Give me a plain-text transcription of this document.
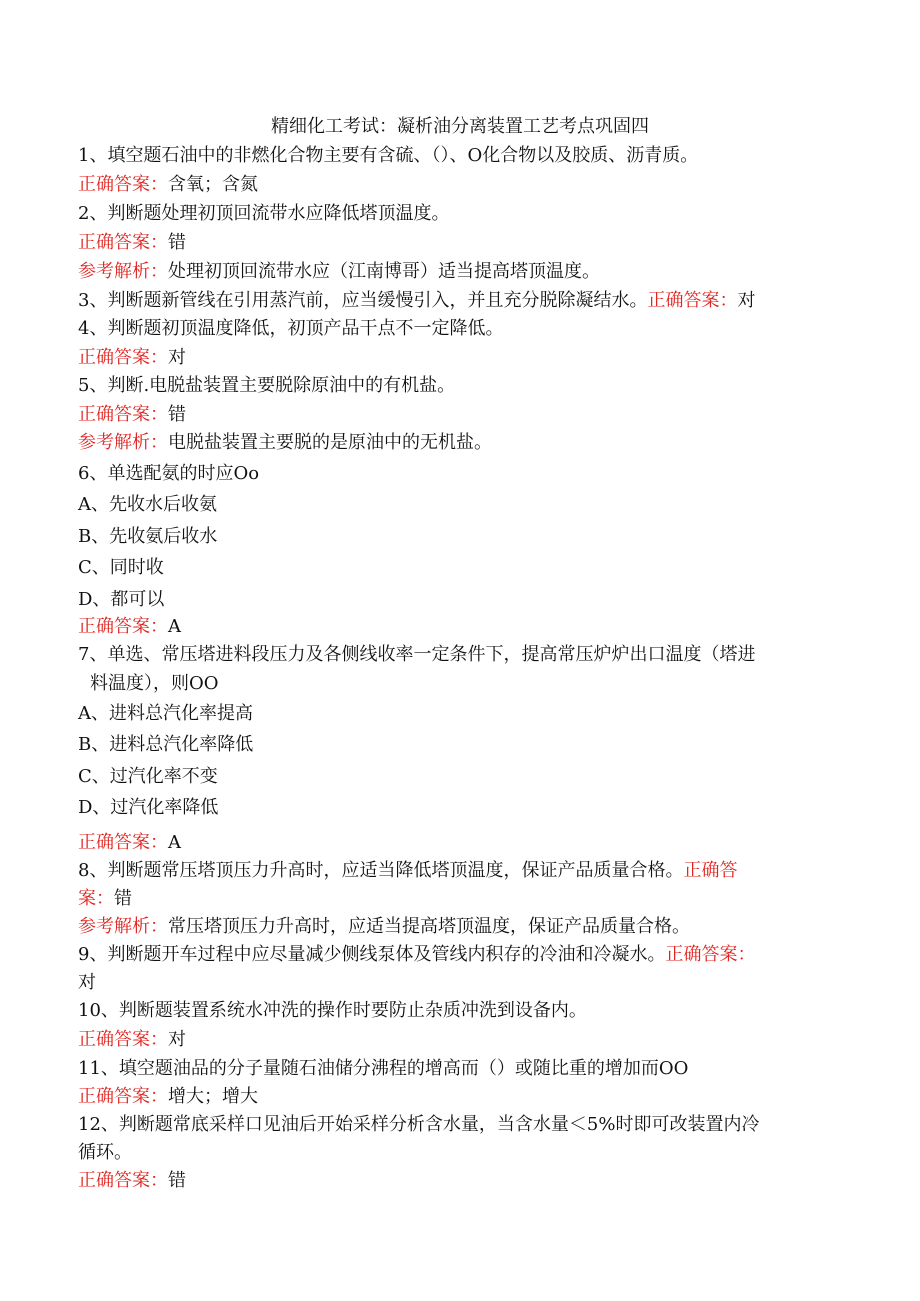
精细化工考试：凝析油分离装置工艺考点巩固四
1、填空题石油中的非燃化合物主要有含硫、（）、O化合物以及胶质、沥青质。
正确答案：含氧；含氮
2、判断题处理初顶回流带水应降低塔顶温度。
正确答案：错
参考解析：处理初顶回流带水应（江南博哥）适当提高塔顶温度。
3、判断题新管线在引用蒸汽前，应当缓慢引入，并且充分脱除凝结水。正确答案：对
4、判断题初顶温度降低，初顶产品干点不一定降低。
正确答案：对
5、判断.电脱盐装置主要脱除原油中的有机盐。
正确答案：错
参考解析：电脱盐装置主要脱的是原油中的无机盐。
6、单选配氨的时应Oo
A、先收水后收氨
B、先收氨后收水
C、同时收
D、都可以
正确答案：A
7、单选、常压塔进料段压力及各侧线收率一定条件下，提高常压炉炉出口温度（塔进
料温度），则OO
A、进料总汽化率提高
B、进料总汽化率降低
C、过汽化率不变
D、过汽化率降低
正确答案：A
8、判断题常压塔顶压力升高时，应适当降低塔顶温度，保证产品质量合格。正确答
案：错
参考解析：常压塔顶压力升高时，应适当提高塔顶温度，保证产品质量合格。
9、判断题开车过程中应尽量减少侧线泵体及管线内积存的冷油和冷凝水。正确答案：
对
10、判断题装置系统水冲洗的操作时要防止杂质冲洗到设备内。
正确答案：对
11、填空题油品的分子量随石油储分沸程的增高而（）或随比重的增加而OO
正确答案：增大；增大
12、判断题常底采样口见油后开始采样分析含水量，当含水量＜5%时即可改装置内冷
循环。
正确答案：错
